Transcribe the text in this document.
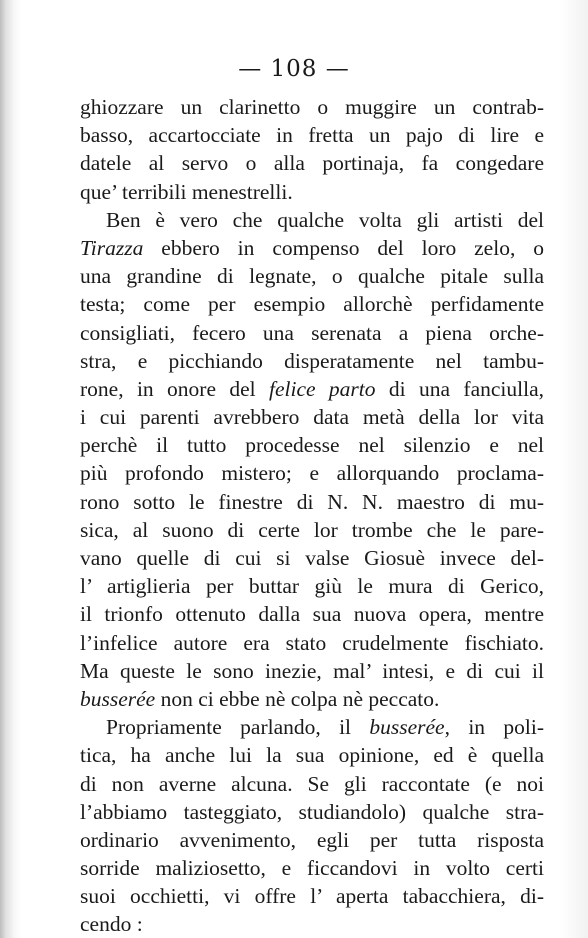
— 108 —
ghiozzare un clarinetto o muggire un contrab-
basso, accartocciate in fretta un pajo di lire e
datele al servo o alla portinaja, fa congedare
que’ terribili menestrelli.
Ben è vero che qualche volta gli artisti del
Tirazza ebbero in compenso del loro zelo, o
una grandine di legnate, o qualche pitale sulla
testa; come per esempio allorchè perfidamente
consigliati, fecero una serenata a piena orche-
stra, e picchiando disperatamente nel tambu-
rone, in onore del felice parto di una fanciulla,
i cui parenti avrebbero data metà della lor vita
perchè il tutto procedesse nel silenzio e nel
più profondo mistero; e allorquando proclama-
rono sotto le finestre di N. N. maestro di mu-
sica, al suono di certe lor trombe che le pare-
vano quelle di cui si valse Giosuè invece del-
l’ artiglieria per buttar giù le mura di Gerico,
il trionfo ottenuto dalla sua nuova opera, mentre
l’infelice autore era stato crudelmente fischiato.
Ma queste le sono inezie, mal’ intesi, e di cui il
busserée non ci ebbe nè colpa nè peccato.
Propriamente parlando, il busserée, in poli-
tica, ha anche lui la sua opinione, ed è quella
di non averne alcuna. Se gli raccontate (e noi
l’abbiamo tasteggiato, studiandolo) qualche stra-
ordinario avvenimento, egli per tutta risposta
sorride maliziosetto, e ficcandovi in volto certi
suoi occhietti, vi offre l’ aperta tabacchiera, di-
cendo :
